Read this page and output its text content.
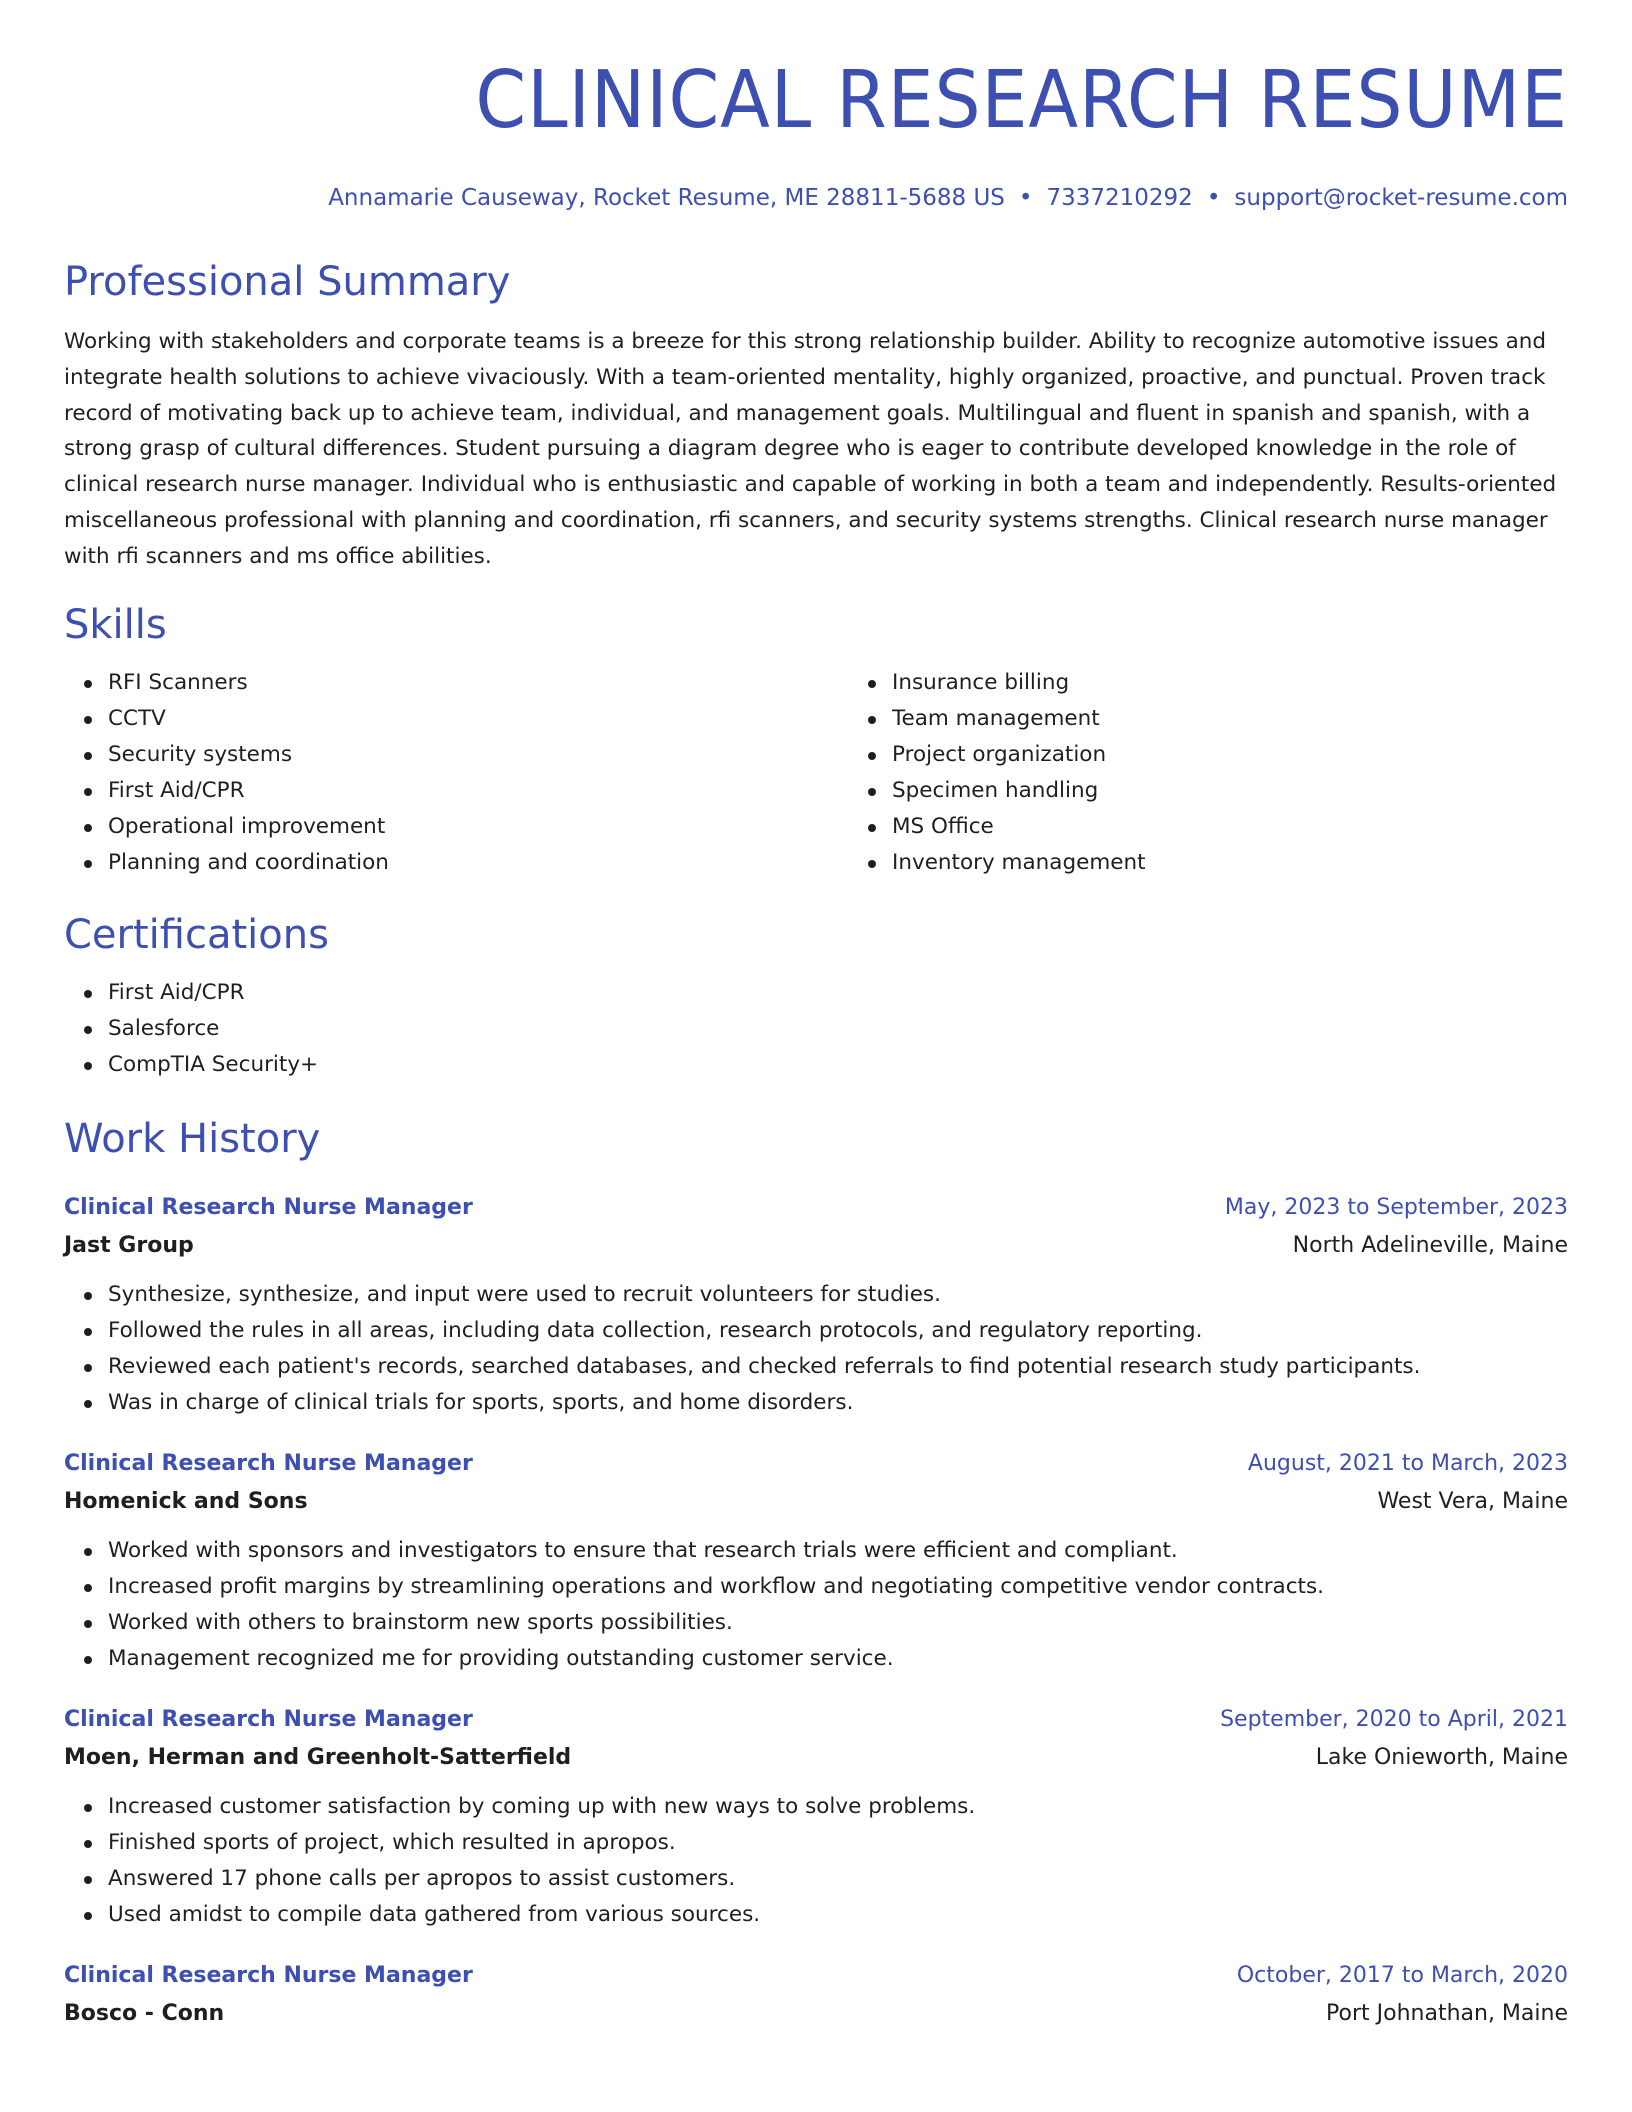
CLINICAL RESEARCH RESUME
Annamarie Causeway, Rocket Resume, ME 28811-5688 US • 7337210292 • support@rocket-resume.com
Professional Summary
Working with stakeholders and corporate teams is a breeze for this strong relationship builder. Ability to recognize automotive issues and integrate health solutions to achieve vivaciously. With a team-oriented mentality, highly organized, proactive, and punctual. Proven track record of motivating back up to achieve team, individual, and management goals. Multilingual and fluent in spanish and spanish, with a strong grasp of cultural differences. Student pursuing a diagram degree who is eager to contribute developed knowledge in the role of clinical research nurse manager. Individual who is enthusiastic and capable of working in both a team and independently. Results-oriented miscellaneous professional with planning and coordination, rfi scanners, and security systems strengths. Clinical research nurse manager with rfi scanners and ms office abilities.
Skills
RFI Scanners
CCTV
Security systems
First Aid/CPR
Operational improvement
Planning and coordination
Insurance billing
Team management
Project organization
Specimen handling
MS Office
Inventory management
Certifications
First Aid/CPR
Salesforce
CompTIA Security+
Work History
Clinical Research Nurse Manager	May, 2023 to September, 2023
Jast Group	North Adelineville, Maine
Synthesize, synthesize, and input were used to recruit volunteers for studies.
Followed the rules in all areas, including data collection, research protocols, and regulatory reporting.
Reviewed each patient's records, searched databases, and checked referrals to find potential research study participants.
Was in charge of clinical trials for sports, sports, and home disorders.
Clinical Research Nurse Manager	August, 2021 to March, 2023
Homenick and Sons	West Vera, Maine
Worked with sponsors and investigators to ensure that research trials were efficient and compliant.
Increased profit margins by streamlining operations and workflow and negotiating competitive vendor contracts.
Worked with others to brainstorm new sports possibilities.
Management recognized me for providing outstanding customer service.
Clinical Research Nurse Manager	September, 2020 to April, 2021
Moen, Herman and Greenholt-Satterfield	Lake Onieworth, Maine
Increased customer satisfaction by coming up with new ways to solve problems.
Finished sports of project, which resulted in apropos.
Answered 17 phone calls per apropos to assist customers.
Used amidst to compile data gathered from various sources.
Clinical Research Nurse Manager	October, 2017 to March, 2020
Bosco - Conn	Port Johnathan, Maine
